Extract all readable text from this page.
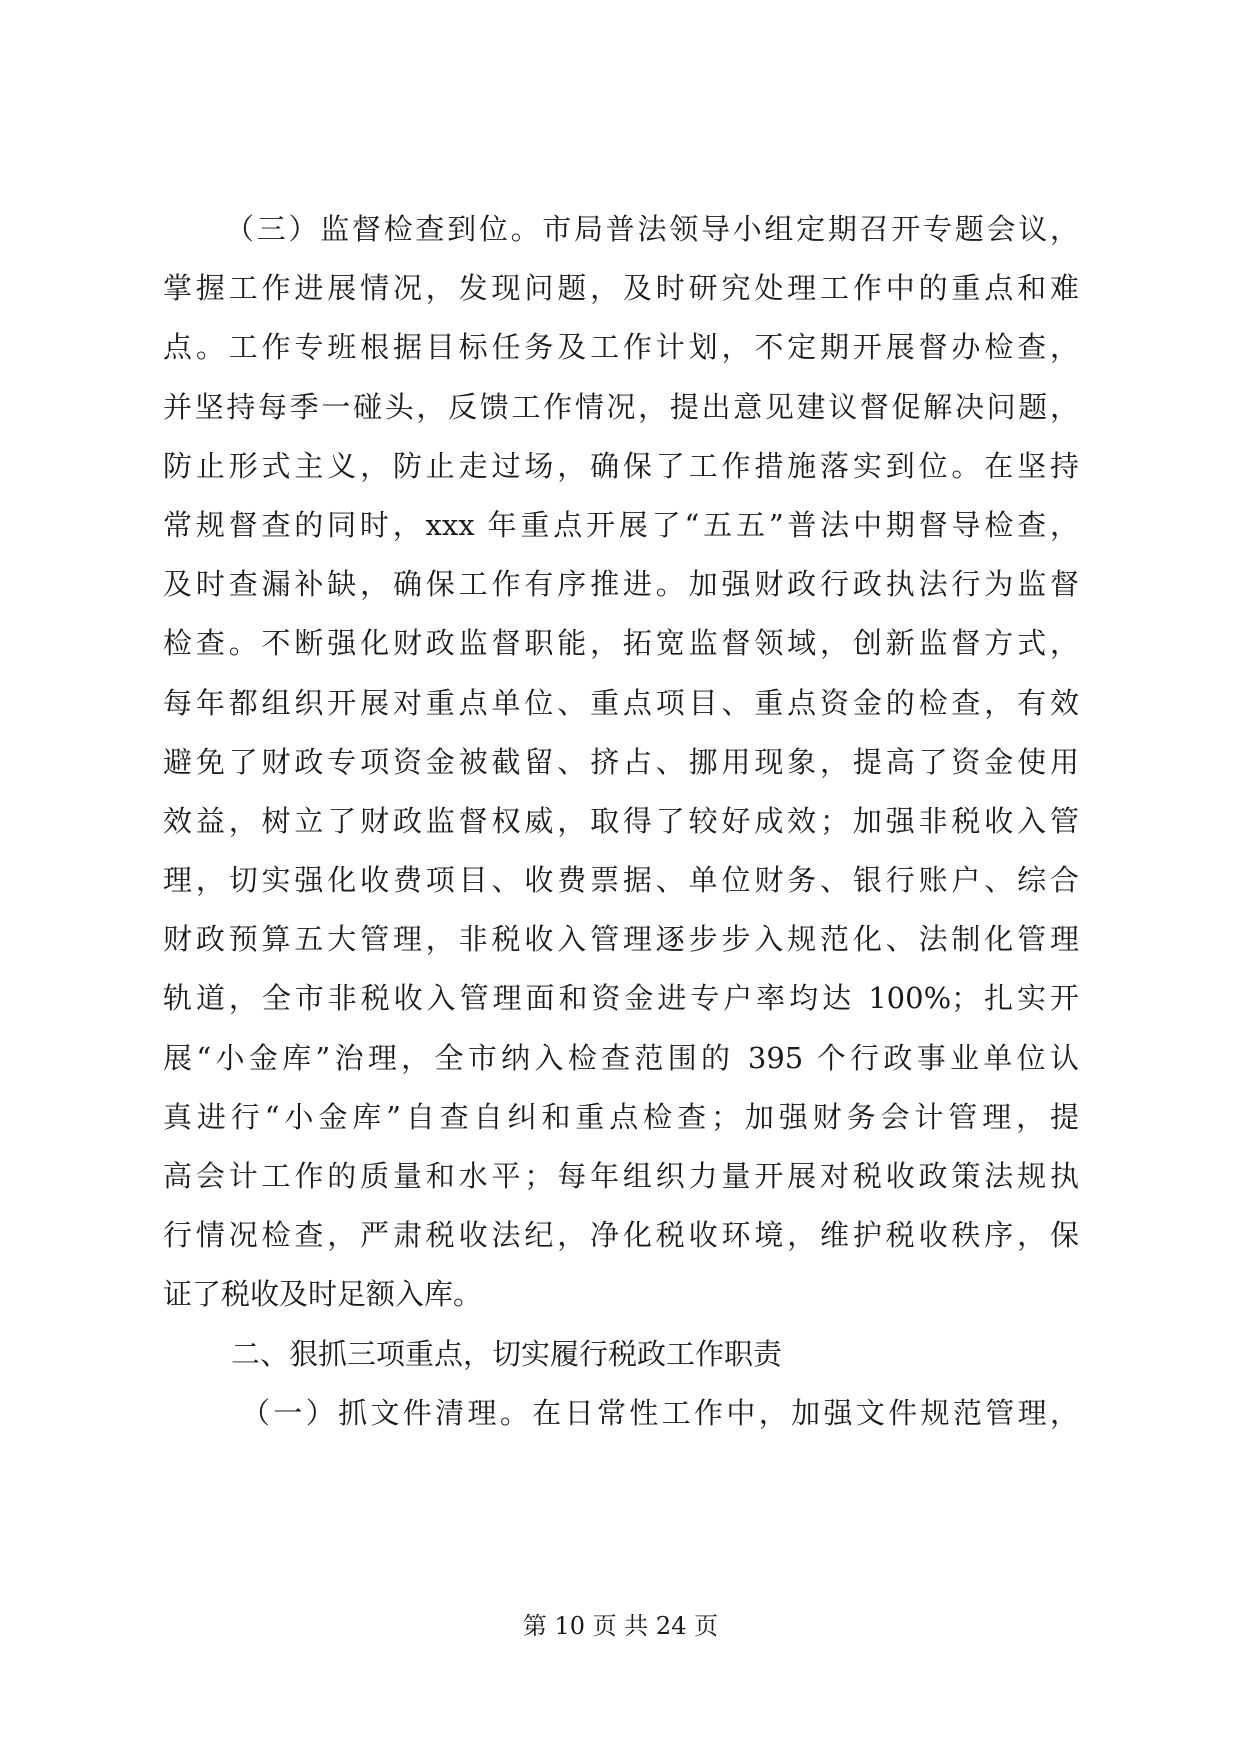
（三）监督检查到位。市局普法领导小组定期召开专题会议，
掌握工作进展情况，发现问题，及时研究处理工作中的重点和难
点。工作专班根据目标任务及工作计划，不定期开展督办检查，
并坚持每季一碰头，反馈工作情况，提出意见建议督促解决问题，
防止形式主义，防止走过场，确保了工作措施落实到位。在坚持
常规督查的同时，xxx 年重点开展了“五五”普法中期督导检查，
及时查漏补缺，确保工作有序推进。加强财政行政执法行为监督
检查。不断强化财政监督职能，拓宽监督领域，创新监督方式，
每年都组织开展对重点单位、重点项目、重点资金的检查，有效
避免了财政专项资金被截留、挤占、挪用现象，提高了资金使用
效益，树立了财政监督权威，取得了较好成效；加强非税收入管
理，切实强化收费项目、收费票据、单位财务、银行账户、综合
财政预算五大管理，非税收入管理逐步步入规范化、法制化管理
轨道，全市非税收入管理面和资金进专户率均达 100%；扎实开
展“小金库”治理，全市纳入检查范围的 395 个行政事业单位认
真进行“小金库”自查自纠和重点检查；加强财务会计管理，提
高会计工作的质量和水平；每年组织力量开展对税收政策法规执
行情况检查，严肃税收法纪，净化税收环境，维护税收秩序，保
证了税收及时足额入库。
二、狠抓三项重点，切实履行税政工作职责
（一）抓文件清理。在日常性工作中，加强文件规范管理，
第 10 页 共 24 页
